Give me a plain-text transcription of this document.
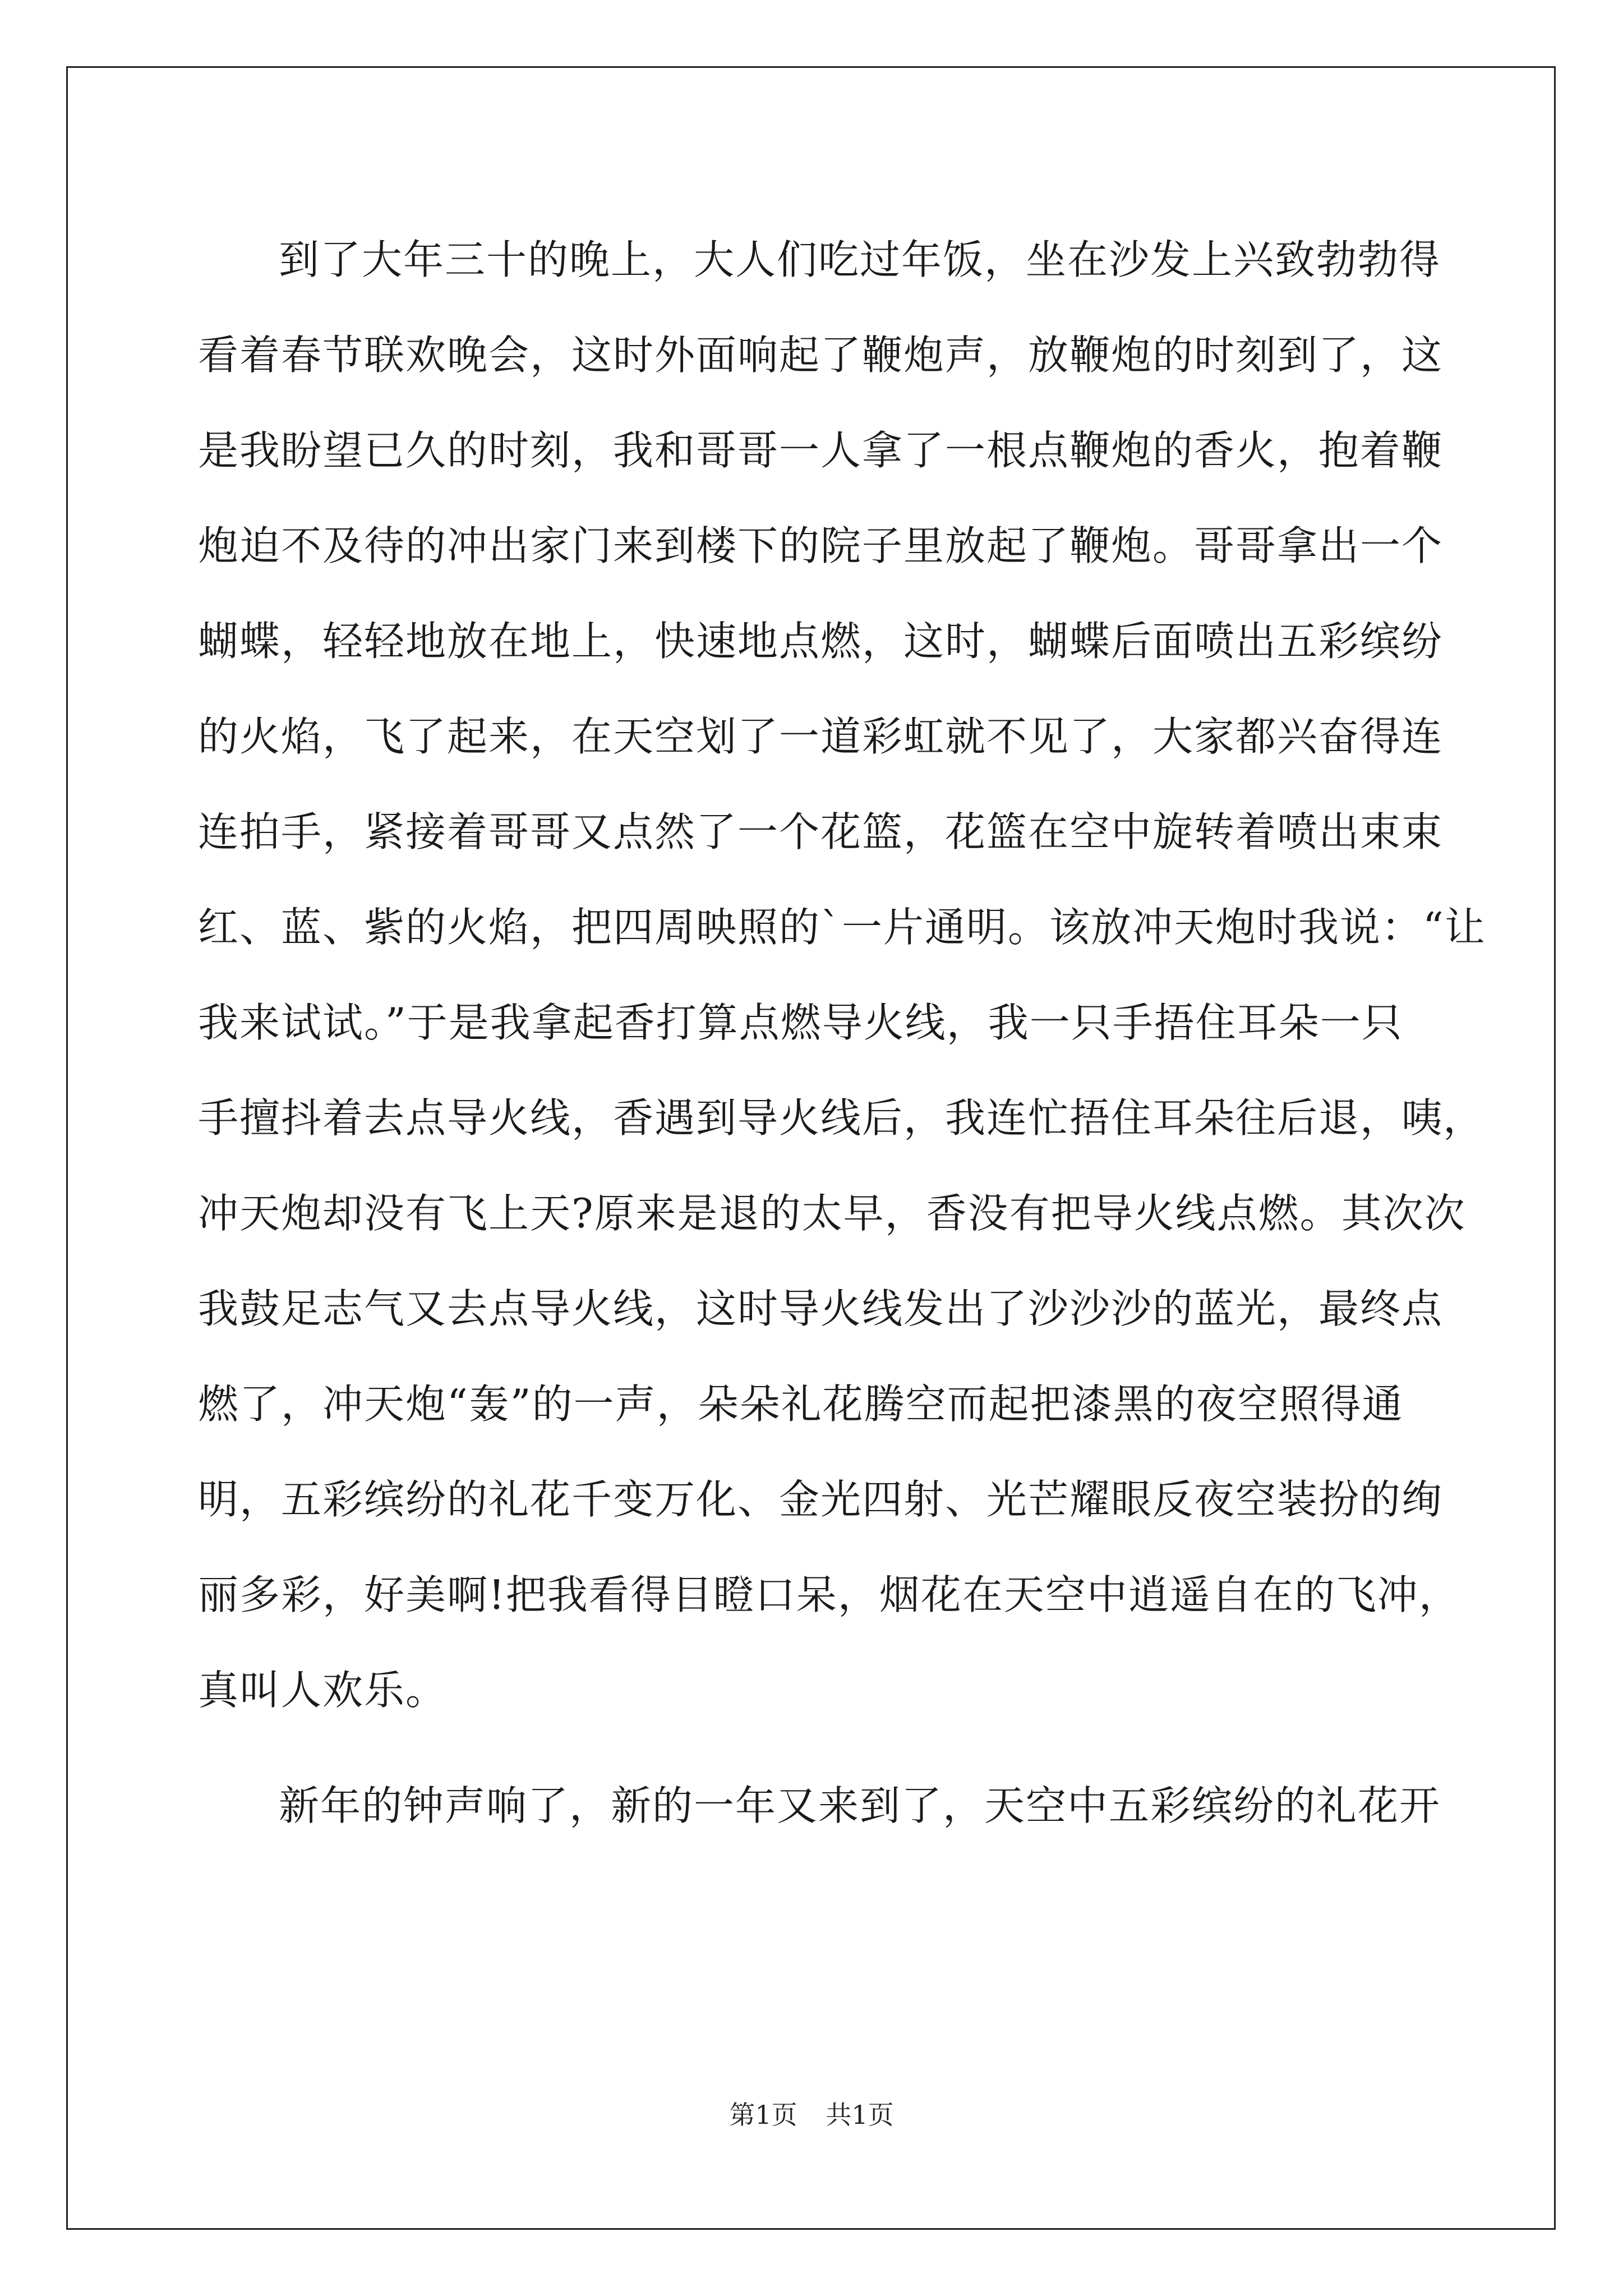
到了大年三十的晚上，大人们吃过年饭，坐在沙发上兴致勃勃得
看着春节联欢晚会，这时外面响起了鞭炮声，放鞭炮的时刻到了，这
是我盼望已久的时刻，我和哥哥一人拿了一根点鞭炮的香火，抱着鞭
炮迫不及待的冲出家门来到楼下的院子里放起了鞭炮。哥哥拿出一个
蝴蝶，轻轻地放在地上，快速地点燃，这时，蝴蝶后面喷出五彩缤纷
的火焰，飞了起来，在天空划了一道彩虹就不见了，大家都兴奋得连
连拍手，紧接着哥哥又点然了一个花篮，花篮在空中旋转着喷出束束
红、蓝、紫的火焰，把四周映照的`一片通明。该放冲天炮时我说：“让
我来试试。”于是我拿起香打算点燃导火线，我一只手捂住耳朵一只
手擅抖着去点导火线，香遇到导火线后，我连忙捂住耳朵往后退，咦，
冲天炮却没有飞上天?原来是退的太早，香没有把导火线点燃。其次次
我鼓足志气又去点导火线，这时导火线发出了沙沙沙的蓝光，最终点
燃了，冲天炮“轰”的一声，朵朵礼花腾空而起把漆黑的夜空照得通
明，五彩缤纷的礼花千变万化、金光四射、光芒耀眼反夜空装扮的绚
丽多彩，好美啊!把我看得目瞪口呆，烟花在天空中逍遥自在的飞冲，
真叫人欢乐。
新年的钟声响了，新的一年又来到了，天空中五彩缤纷的礼花开
第1页 共1页
